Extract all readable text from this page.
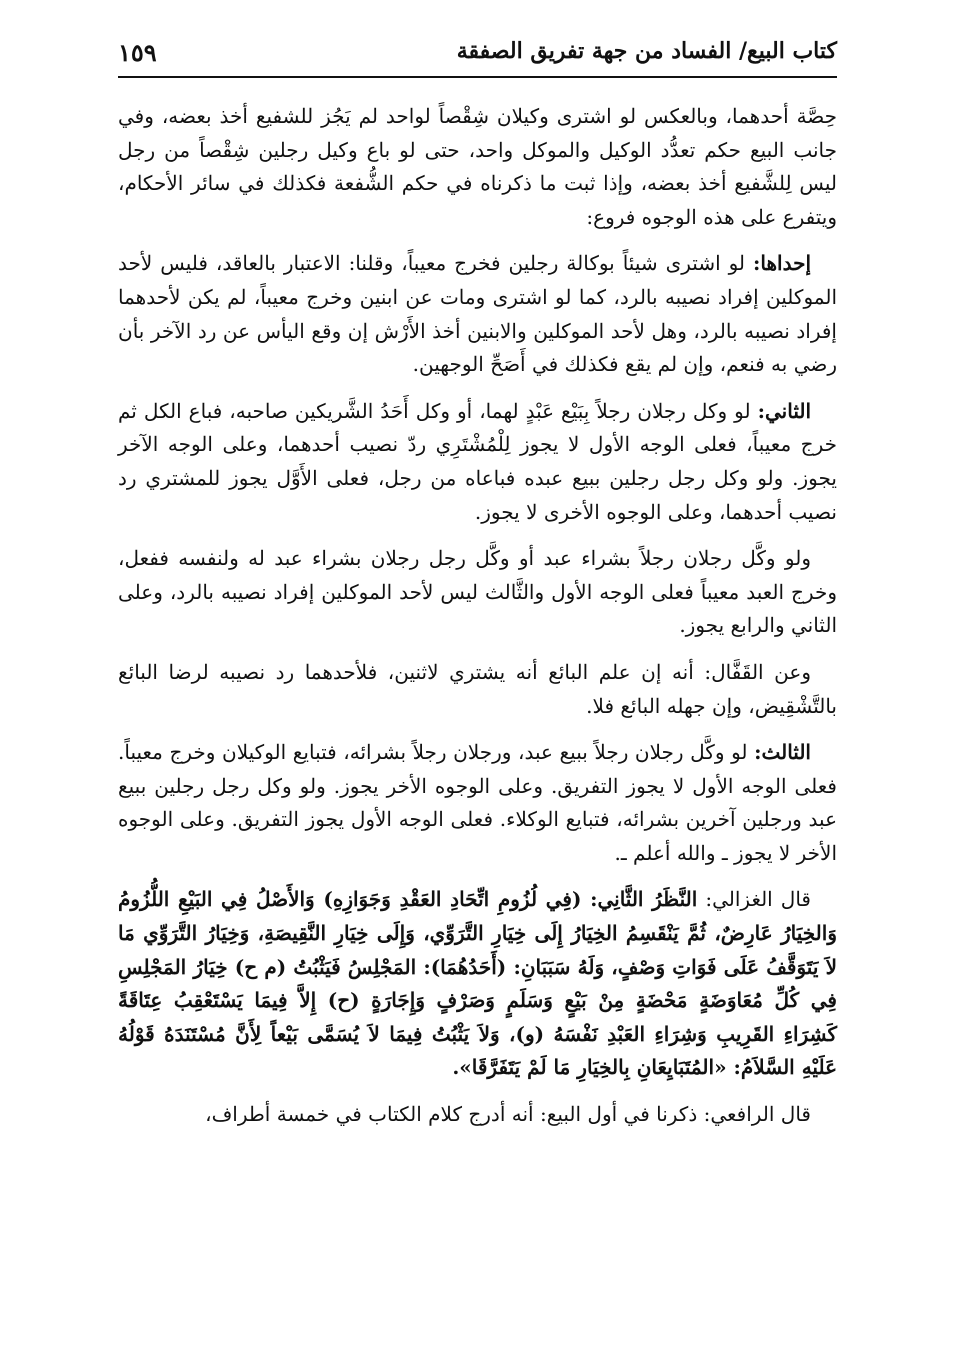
كتاب البيع/ الفساد من جهة تفريق الصفقة
١٥٩

حِصَّة أحدهما، وبالعكس لو اشترى وكيلان شِقْصاً لواحد لم يَجُز للشفيع أخذ بعضه، وفي جانب البيع حكم تعدُّد الوكيل والموكل واحد، حتى لو باع وكيل رجلين شِقْصاً من رجل ليس لِلشَّفيع أخذ بعضه، وإذا ثبت ما ذكرناه في حكم الشُّفعة فكذلك في سائر الأحكام، ويتفرع على هذه الوجوه فروع:

إحداها: لو اشترى شيئاً بوكالة رجلين فخرج معيباً، وقلنا: الاعتبار بالعاقد، فليس لأحد الموكلين إفراد نصيبه بالرد، كما لو اشترى ومات عن ابنين وخرج معيباً، لم يكن لأحدهما إفراد نصيبه بالرد، وهل لأحد الموكلين والابنين أخذ الأَرْش إن وقع اليأس عن رد الآخر بأن رضي به فنعم، وإن لم يقع فكذلك في أَصَحِّ الوجهين.

الثاني: لو وكل رجلان رجلاً بِبَيْع عَبْدٍ لهما، أو وكل أَحَدُ الشَّريكين صاحبه، فباع الكل ثم خرج معيباً، فعلى الوجه الأول لا يجوز لِلْمُشْتَرِي ردّ نصيب أحدهما، وعلى الوجه الآخر يجوز. ولو وكل رجل رجلين ببيع عبده فباعاه من رجل، فعلى الأَوَّل يجوز للمشتري رد نصيب أحدهما، وعلى الوجوه الأخرى لا يجوز.

ولو وكَّل رجلان رجلاً بشراء عبد أو وكَّل رجل رجلان بشراء عبد له ولنفسه ففعل، وخرج العبد معيباً فعلى الوجه الأول والثَّالث ليس لأحد الموكلين إفراد نصيبه بالرد، وعلى الثاني والرابع يجوز.

وعن القَفَّال: أنه إن علم البائع أنه يشتري لاثنين، فلأحدهما رد نصيبه لرضا البائع بالتَّشْقِيض، وإن جهله البائع فلا.

الثالث: لو وكَّل رجلان رجلاً ببيع عبد، ورجلان رجلاً بشرائه، فتبايع الوكيلان وخرج معيباً. فعلى الوجه الأول لا يجوز التفريق. وعلى الوجوه الأخر يجوز. ولو وكل رجل رجلين ببيع عبد ورجلين آخرين بشرائه، فتبايع الوكلاء. فعلى الوجه الأول يجوز التفريق. وعلى الوجوه الأخر لا يجوز ـ والله أعلم ـ.

قال الغزالي: النَّظَرُ الثَّانِي: (فِي لُزُومِ اتِّحَادِ العَقْدِ وَجَوَازِهِ) وَالأَصْلُ فِي البَيْعِ اللُّزُومُ وَالخِيَارُ عَارِضٌ، ثُمَّ يَنْقَسِمُ الخِيَارُ إِلَى خِيَارِ التَّرَوِّي، وَإِلَى خِيَارِ النَّقِيصَةِ، وَخِيَارُ التَّرَوِّي مَا لاَ يَتَوَقَّفُ عَلَى فَوَاتِ وَصْفٍ، وَلَهُ سَبَبَانِ: (أَحَدُهُمَا): المَجْلِسُ فَيَثْبُتُ (م ح) خِيَارُ المَجْلِسِ فِي كُلِّ مُعَاوَضَةٍ مَحْضَةٍ مِنْ بَيْعٍ وَسَلَمٍ وَصَرْفٍ وَإِجَارَةٍ (ح) إِلاَّ فِيمَا يَسْتَعْقِبُ عِتَاقَةً كَشِرَاءِ القَرِيبِ وَشِرَاءِ العَبْدِ نَفْسَهُ (و)، وَلاَ يَثْبُتُ فِيمَا لاَ يُسَمَّى بَيْعاً لِأَنَّ مُسْتَنَدَهُ قَوْلُهُ عَلَيْهِ السَّلاَمُ: «المُتَبَايِعَانِ بِالخِيَارِ مَا لَمْ يَتَفَرَّقَا».

قال الرافعي: ذكرنا في أول البيع: أنه أدرج كلام الكتاب في خمسة أطراف،
